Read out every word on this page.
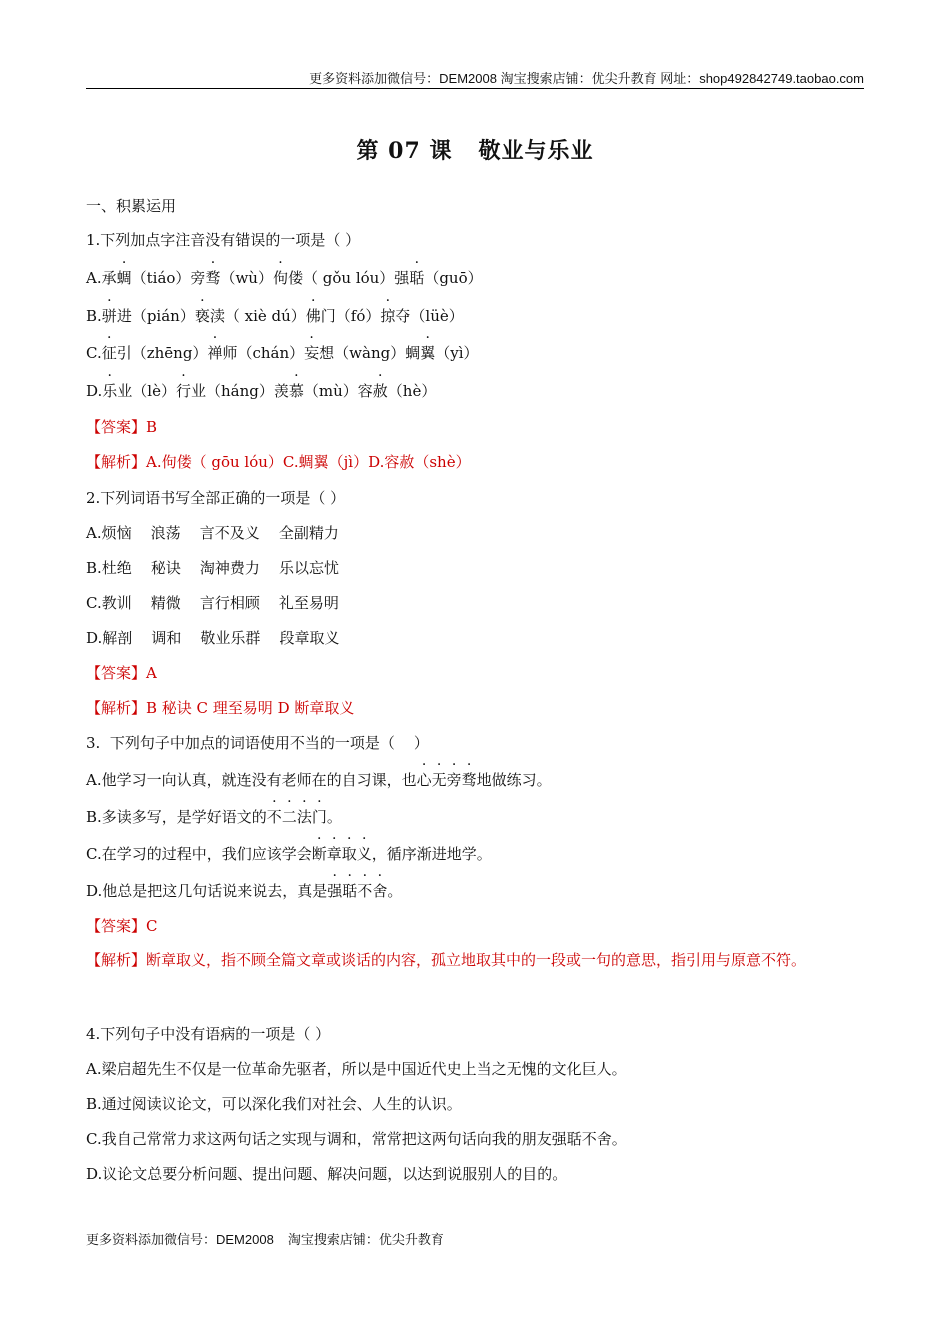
更多资料添加微信号：DEM2008 淘宝搜索店铺：优尖升教育 网址：shop492842749.taobao.com
第 07 课 敬业与乐业
一、积累运用
1.下列加点字注音没有错误的一项是（ ）
A.承蜩（tiáo）旁骛（wù）佝偻（ gǒu lóu）强聒（guō）
B.骈进（pián）亵渎（ xiè dú）佛门（fó）掠夺（lüè）
C.征引（zhēng）禅师（chán）妄想（wàng）蜩翼（yì）
D.乐业（lè）行业（háng）羡慕（mù）容赦（hè）
【答案】B
【解析】A.佝偻（ gōu lóu）C.蜩翼（jì）D.容赦（shè）
2.下列词语书写全部正确的一项是（ ）
A.烦恼    浪荡    言不及义    全副精力
B.杜绝    秘诀    淘神费力    乐以忘忧
C.教训    精微    言行相顾    礼至易明
D.解剖    调和    敬业乐群    段章取义
【答案】A
【解析】B 秘诀 C 理至易明 D 断章取义
3.  下列句子中加点的词语使用不当的一项是（    ）
A.他学习一向认真，就连没有老师在的自习课，也心无旁骛地做练习。
B.多读多写，是学好语文的不二法门。
C.在学习的过程中，我们应该学会断章取义，循序渐进地学。
D.他总是把这几句话说来说去，真是强聒不舍。
【答案】C
【解析】断章取义，指不顾全篇文章或谈话的内容，孤立地取其中的一段或一句的意思，指引用与原意不符。
4.下列句子中没有语病的一项是（ ）
A.梁启超先生不仅是一位革命先驱者，所以是中国近代史上当之无愧的文化巨人。
B.通过阅读议论文，可以深化我们对社会、人生的认识。
C.我自己常常力求这两句话之实现与调和，常常把这两句话向我的朋友强聒不舍。
D.议论文总要分析问题、提出问题、解决问题，以达到说服别人的目的。
更多资料添加微信号：DEM2008 淘宝搜索店铺：优尖升教育
